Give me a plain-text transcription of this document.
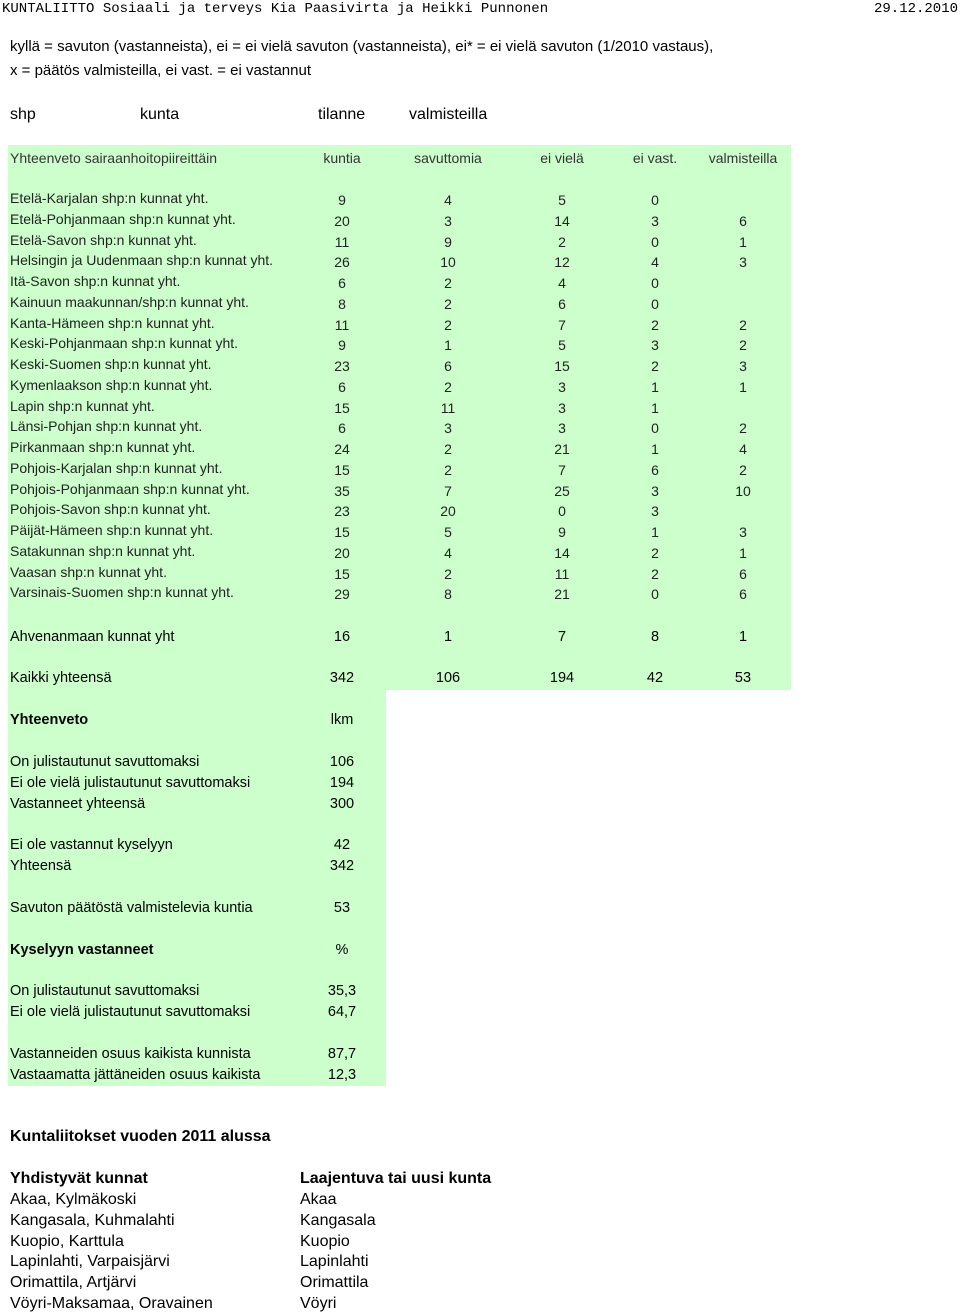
KUNTALIITTO Sosiaali ja terveys Kia Paasivirta ja Heikki Punnonen	29.12.2010
kyllä = savuton (vastanneista), ei = ei vielä savuton (vastanneista), ei* = ei vielä savuton (1/2010 vastaus),
x = päätös valmisteilla, ei vast. = ei vastannut
shp	kunta	tilanne	valmisteilla
Yhteenveto sairaanhoitopiireittäin	kuntia	savuttomia	ei vielä	ei vast.	valmisteilla
Etelä-Karjalan shp:n kunnat yht.	9	4	5	0
Etelä-Pohjanmaan shp:n kunnat yht.	20	3	14	3	6
Etelä-Savon shp:n kunnat yht.	11	9	2	0	1
Helsingin ja Uudenmaan shp:n kunnat yht.	26	10	12	4	3
Itä-Savon shp:n kunnat yht.	6	2	4	0
Kainuun maakunnan/shp:n kunnat yht.	8	2	6	0
Kanta-Hämeen shp:n kunnat yht.	11	2	7	2	2
Keski-Pohjanmaan shp:n kunnat yht.	9	1	5	3	2
Keski-Suomen shp:n kunnat yht.	23	6	15	2	3
Kymenlaakson shp:n kunnat yht.	6	2	3	1	1
Lapin shp:n kunnat yht.	15	11	3	1
Länsi-Pohjan shp:n kunnat yht.	6	3	3	0	2
Pirkanmaan shp:n kunnat yht.	24	2	21	1	4
Pohjois-Karjalan shp:n kunnat yht.	15	2	7	6	2
Pohjois-Pohjanmaan shp:n kunnat yht.	35	7	25	3	10
Pohjois-Savon shp:n kunnat yht.	23	20	0	3
Päijät-Hämeen shp:n kunnat yht.	15	5	9	1	3
Satakunnan shp:n kunnat yht.	20	4	14	2	1
Vaasan shp:n kunnat yht.	15	2	11	2	6
Varsinais-Suomen shp:n kunnat yht.	29	8	21	0	6
Ahvenanmaan kunnat yht	16	1	7	8	1
Kaikki yhteensä	342	106	194	42	53
Yhteenveto	lkm
On julistautunut savuttomaksi	106
Ei ole vielä julistautunut savuttomaksi	194
Vastanneet yhteensä	300
Ei ole vastannut kyselyyn	42
Yhteensä	342
Savuton päätöstä valmistelevia kuntia	53
Kyselyyn vastanneet	%
On julistautunut savuttomaksi	35,3
Ei ole vielä julistautunut savuttomaksi	64,7
Vastanneiden osuus kaikista kunnista	87,7
Vastaamatta jättäneiden osuus kaikista	12,3
Kuntaliitokset vuoden 2011 alussa
Yhdistyvät kunnat	Laajentuva tai uusi kunta
Akaa, Kylmäkoski	Akaa
Kangasala, Kuhmalahti	Kangasala
Kuopio, Karttula	Kuopio
Lapinlahti, Varpaisjärvi	Lapinlahti
Orimattila, Artjärvi	Orimattila
Vöyri-Maksamaa, Oravainen	Vöyri
